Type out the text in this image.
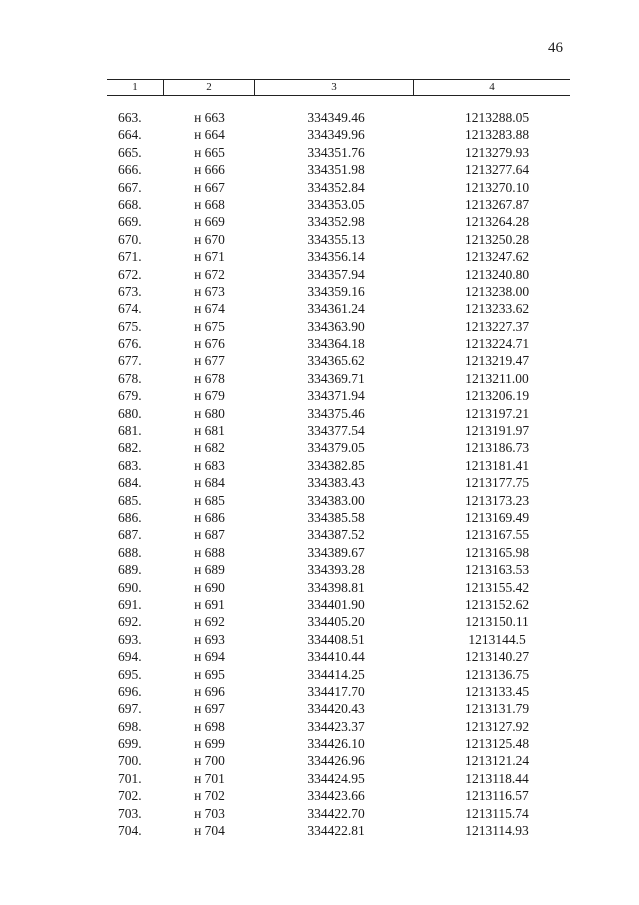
46
1	2	3	4
663.	н 663	334349.46	1213288.05
664.	н 664	334349.96	1213283.88
665.	н 665	334351.76	1213279.93
666.	н 666	334351.98	1213277.64
667.	н 667	334352.84	1213270.10
668.	н 668	334353.05	1213267.87
669.	н 669	334352.98	1213264.28
670.	н 670	334355.13	1213250.28
671.	н 671	334356.14	1213247.62
672.	н 672	334357.94	1213240.80
673.	н 673	334359.16	1213238.00
674.	н 674	334361.24	1213233.62
675.	н 675	334363.90	1213227.37
676.	н 676	334364.18	1213224.71
677.	н 677	334365.62	1213219.47
678.	н 678	334369.71	1213211.00
679.	н 679	334371.94	1213206.19
680.	н 680	334375.46	1213197.21
681.	н 681	334377.54	1213191.97
682.	н 682	334379.05	1213186.73
683.	н 683	334382.85	1213181.41
684.	н 684	334383.43	1213177.75
685.	н 685	334383.00	1213173.23
686.	н 686	334385.58	1213169.49
687.	н 687	334387.52	1213167.55
688.	н 688	334389.67	1213165.98
689.	н 689	334393.28	1213163.53
690.	н 690	334398.81	1213155.42
691.	н 691	334401.90	1213152.62
692.	н 692	334405.20	1213150.11
693.	н 693	334408.51	1213144.5
694.	н 694	334410.44	1213140.27
695.	н 695	334414.25	1213136.75
696.	н 696	334417.70	1213133.45
697.	н 697	334420.43	1213131.79
698.	н 698	334423.37	1213127.92
699.	н 699	334426.10	1213125.48
700.	н 700	334426.96	1213121.24
701.	н 701	334424.95	1213118.44
702.	н 702	334423.66	1213116.57
703.	н 703	334422.70	1213115.74
704.	н 704	334422.81	1213114.93
